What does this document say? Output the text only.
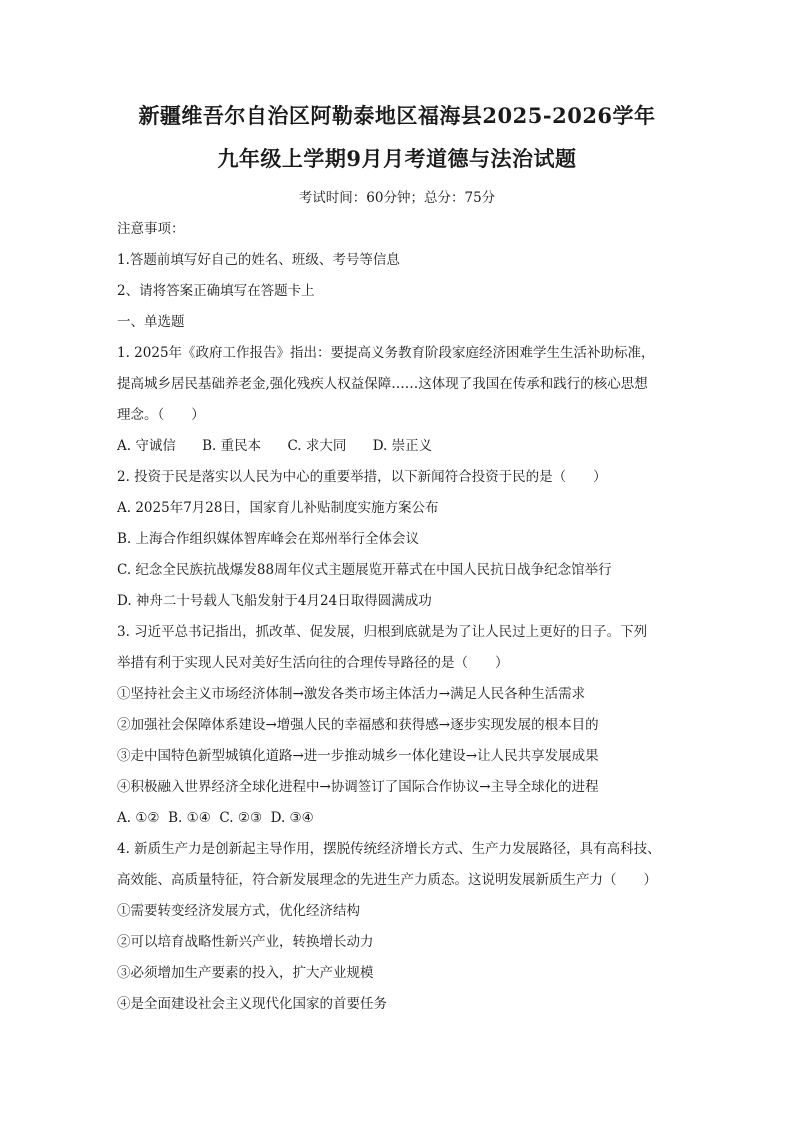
新疆维吾尔自治区阿勒泰地区福海县2025-2026学年
九年级上学期9月月考道德与法治试题
考试时间：60分钟；总分：75分
注意事项：
1.答题前填写好自己的姓名、班级、考号等信息
2、请将答案正确填写在答题卡上
一、单选题
1. 2025年《政府工作报告》指出：要提高义务教育阶段家庭经济困难学生生活补助标准，
提高城乡居民基础养老金,强化残疾人权益保障……这体现了我国在传承和践行的核心思想
理念。（　　）
A. 守诚信 B. 重民本 C. 求大同 D. 崇正义
2. 投资于民是落实以人民为中心的重要举措，以下新闻符合投资于民的是（　　）
A. 2025年7月28日，国家育儿补贴制度实施方案公布
B. 上海合作组织媒体智库峰会在郑州举行全体会议
C. 纪念全民族抗战爆发88周年仪式主题展览开幕式在中国人民抗日战争纪念馆举行
D. 神舟二十号载人飞船发射于4月24日取得圆满成功
3. 习近平总书记指出，抓改革、促发展，归根到底就是为了让人民过上更好的日子。下列
举措有利于实现人民对美好生活向往的合理传导路径的是（　　）
①坚持社会主义市场经济体制→激发各类市场主体活力→满足人民各种生活需求
②加强社会保障体系建设→增强人民的幸福感和获得感→逐步实现发展的根本目的
③走中国特色新型城镇化道路→进一步推动城乡一体化建设→让人民共享发展成果
④积极融入世界经济全球化进程中→协调签订了国际合作协议→主导全球化的进程
A. ①②  B. ①④  C. ②③  D. ③④
4. 新质生产力是创新起主导作用，摆脱传统经济增长方式、生产力发展路径，具有高科技、
高效能、高质量特征，符合新发展理念的先进生产力质态。这说明发展新质生产力（　　）
①需要转变经济发展方式，优化经济结构
②可以培育战略性新兴产业，转换增长动力
③必须增加生产要素的投入，扩大产业规模
④是全面建设社会主义现代化国家的首要任务
